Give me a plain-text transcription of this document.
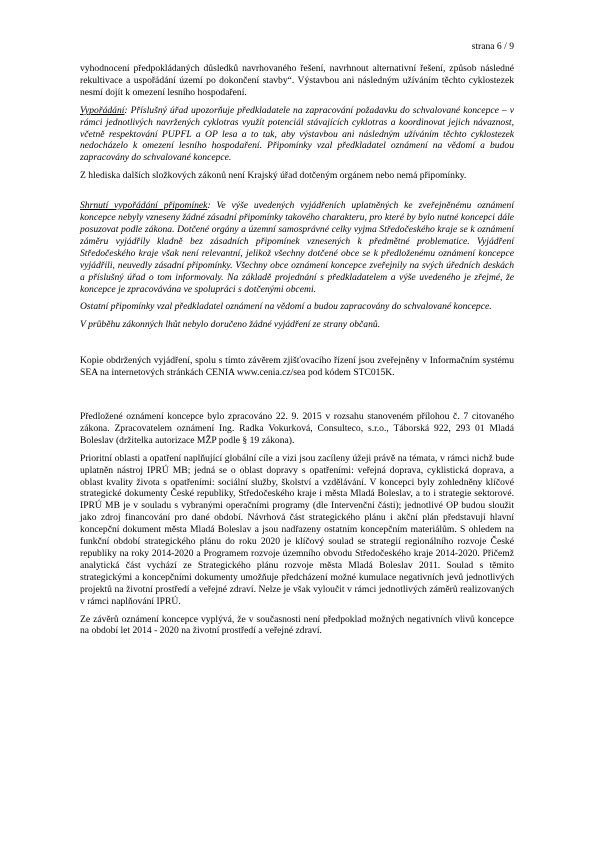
strana 6 / 9

vyhodnocení předpokládaných důsledků navrhovaného řešení, navrhnout alternativní řešení, způsob následné rekultivace a uspořádání území po dokončení stavby“. Výstavbou ani následným užíváním těchto cyklostezek nesmí dojít k omezení lesního hospodaření.

Vypořádání: Příslušný úřad upozorňuje předkladatele na zapracování požadavku do schvalované koncepce – v rámci jednotlivých navržených cyklotras využít potenciál stávajících cyklotras a koordinovat jejich návaznost, včetně respektování PUPFL a OP lesa a to tak, aby výstavbou ani následným užíváním těchto cyklostezek nedocházelo k omezení lesního hospodaření. Připomínky vzal předkladatel oznámení na vědomí a budou zapracovány do schvalované koncepce.

Z hlediska dalších složkových zákonů není Krajský úřad dotčeným orgánem nebo nemá připomínky.

Shrnutí vypořádání připomínek: Ve výše uvedených vyjádřeních uplatněných ke zveřejněnému oznámení koncepce nebyly vzneseny žádné zásadní připomínky takového charakteru, pro které by bylo nutné koncepci dále posuzovat podle zákona. Dotčené orgány a územní samosprávné celky vyjma Středočeského kraje se k oznámení záměru vyjádřily kladně bez zásadních připomínek vznesených k předmětné problematice. Vyjádření Středočeského kraje však není relevantní, jelikož všechny dotčené obce se k předloženému oznámení koncepce vyjádřili, neuvedly zásadní připomínky. Všechny obce oznámení koncepce zveřejnily na svých úředních deskách a příslušný úřad o tom informovaly. Na základě projednání s předkladatelem a výše uvedeného je zřejmé, že koncepce je zpracovávána ve spolupráci s dotčenými obcemi.

Ostatní připomínky vzal předkladatel oznámení na vědomí a budou zapracovány do schvalované koncepce.

V průběhu zákonných lhůt nebylo doručeno žádné vyjádření ze strany občanů.

Kopie obdržených vyjádření, spolu s tímto závěrem zjišťovacího řízení jsou zveřejněny v Informačním systému SEA na internetových stránkách CENIA www.cenia.cz/sea pod kódem STC015K.

Předložené oznámení koncepce bylo zpracováno 22. 9. 2015 v rozsahu stanoveném přílohou č. 7 citovaného zákona. Zpracovatelem oznámení Ing. Radka Vokurková, Consulteco, s.r.o., Táborská 922, 293 01 Mladá Boleslav (držitelka autorizace MŽP podle § 19 zákona).

Prioritní oblasti a opatření naplňující globální cíle a vizi jsou zacíleny úžeji právě na témata, v rámci nichž bude uplatněn nástroj IPRÚ MB; jedná se o oblast dopravy s opatřeními: veřejná doprava, cyklistická doprava, a oblast kvality života s opatřeními: sociální služby, školství a vzdělávání. V koncepci byly zohledněny klíčové strategické dokumenty České republiky, Středočeského kraje i města Mladá Boleslav, a to i strategie sektorové. IPRÚ MB je v souladu s vybranými operačními programy (dle Intervenční části); jednotlivé OP budou sloužit jako zdroj financování pro dané období. Návrhová část strategického plánu i akční plán představují hlavní koncepční dokument města Mladá Boleslav a jsou nadřazeny ostatním koncepčním materiálům. S ohledem na funkční období strategického plánu do roku 2020 je klíčový soulad se strategií regionálního rozvoje České republiky na roky 2014-2020 a Programem rozvoje územního obvodu Středočeského kraje 2014-2020. Přičemž analytická část vychází ze Strategického plánu rozvoje města Mladá Boleslav 2011. Soulad s těmito strategickými a koncepčními dokumenty umožňuje předcházení možné kumulace negativních jevů jednotlivých projektů na životní prostředí a veřejné zdraví. Nelze je však vyloučit v rámci jednotlivých záměrů realizovaných v rámci naplňování IPRÚ.

Ze závěrů oznámení koncepce vyplývá, že v současnosti není předpoklad možných negativních vlivů koncepce na období let 2014 - 2020 na životní prostředí a veřejné zdraví.
